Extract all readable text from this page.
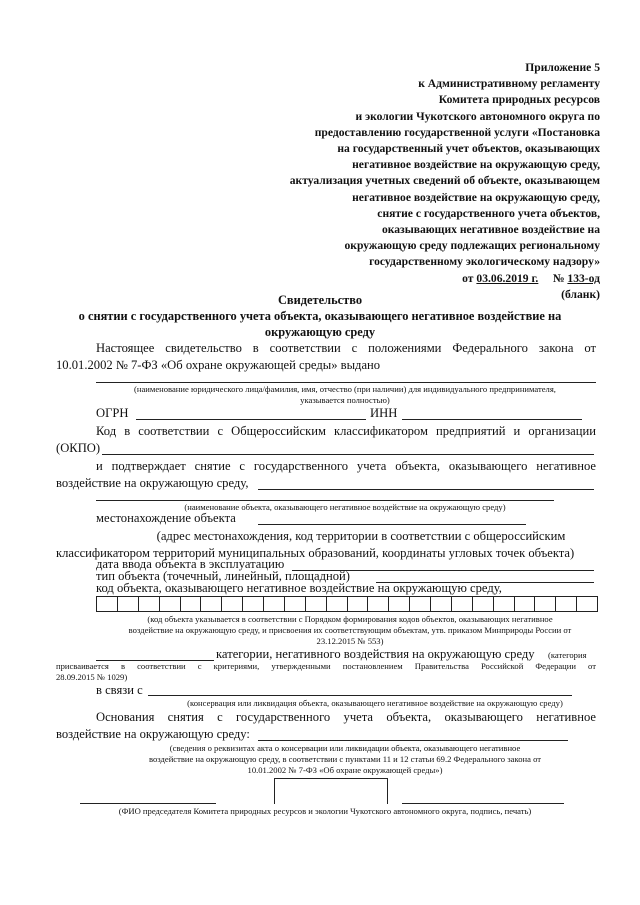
Приложение 5
к Административному регламенту
Комитета природных ресурсов
и экологии Чукотского автономного округа по
предоставлению государственной услуги «Постановка
на государственный учет объектов, оказывающих
негативное воздействие на окружающую среду,
актуализация учетных сведений об объекте, оказывающем
негативное воздействие на окружающую среду,
снятие с государственного учета объектов,
оказывающих негативное воздействие на
окружающую среду подлежащих региональному
государственному экологическому надзору»
от 03.06.2019 г. № 133-од
(бланк)
Свидетельство
о снятии с государственного учета объекта, оказывающего негативное воздействие на
окружающую среду
Настоящее свидетельство в соответствии с положениями Федерального закона от
10.01.2002 № 7-ФЗ «Об охране окружающей среды» выдано
(наименование юридического лица/фамилия, имя, отчество (при наличии) для индивидуального предпринимателя,
указывается полностью)
ОГРН	ИНН
Код в соответствии с Общероссийским классификатором предприятий и организации
(ОКПО)
и подтверждает снятие с государственного учета объекта, оказывающего негативное
воздействие на окружающую среду,
(наименование объекта, оказывающего негативное воздействие на окружающую среду)
местонахождение объекта
(адрес местонахождения, код территории в соответствии с общероссийским
классификатором территорий муниципальных образований, координаты угловых точек объекта)
дата ввода объекта в эксплуатацию
тип объекта (точечный, линейный, площадной)
код объекта, оказывающего негативное воздействие на окружающую среду,
(код объекта указывается в соответствии с Порядком формирования кодов объектов, оказывающих негативное
воздействие на окружающую среду, и присвоения их соответствующим объектам, утв. приказом Минприроды России от
23.12.2015 № 553)
категории, негативного воздействия на окружающую среду (категория
присваивается в соответствии с критериями, утвержденными постановлением Правительства Российской Федерации от
28.09.2015 № 1029)
в связи с
(консервация или ликвидация объекта, оказывающего негативное воздействие на окружающую среду)
Основания снятия с государственного учета объекта, оказывающего негативное
воздействие на окружающую среду:
(сведения о реквизитах акта о консервации или ликвидации объекта, оказывающего негативное
воздействие на окружающую среду, в соответствии с пунктами 11 и 12 статьи 69.2 Федерального закона от
10.01.2002 № 7-ФЗ «Об охране окружающей среды»)
(ФИО председателя Комитета природных ресурсов и экологии Чукотского автономного округа, подпись, печать)
